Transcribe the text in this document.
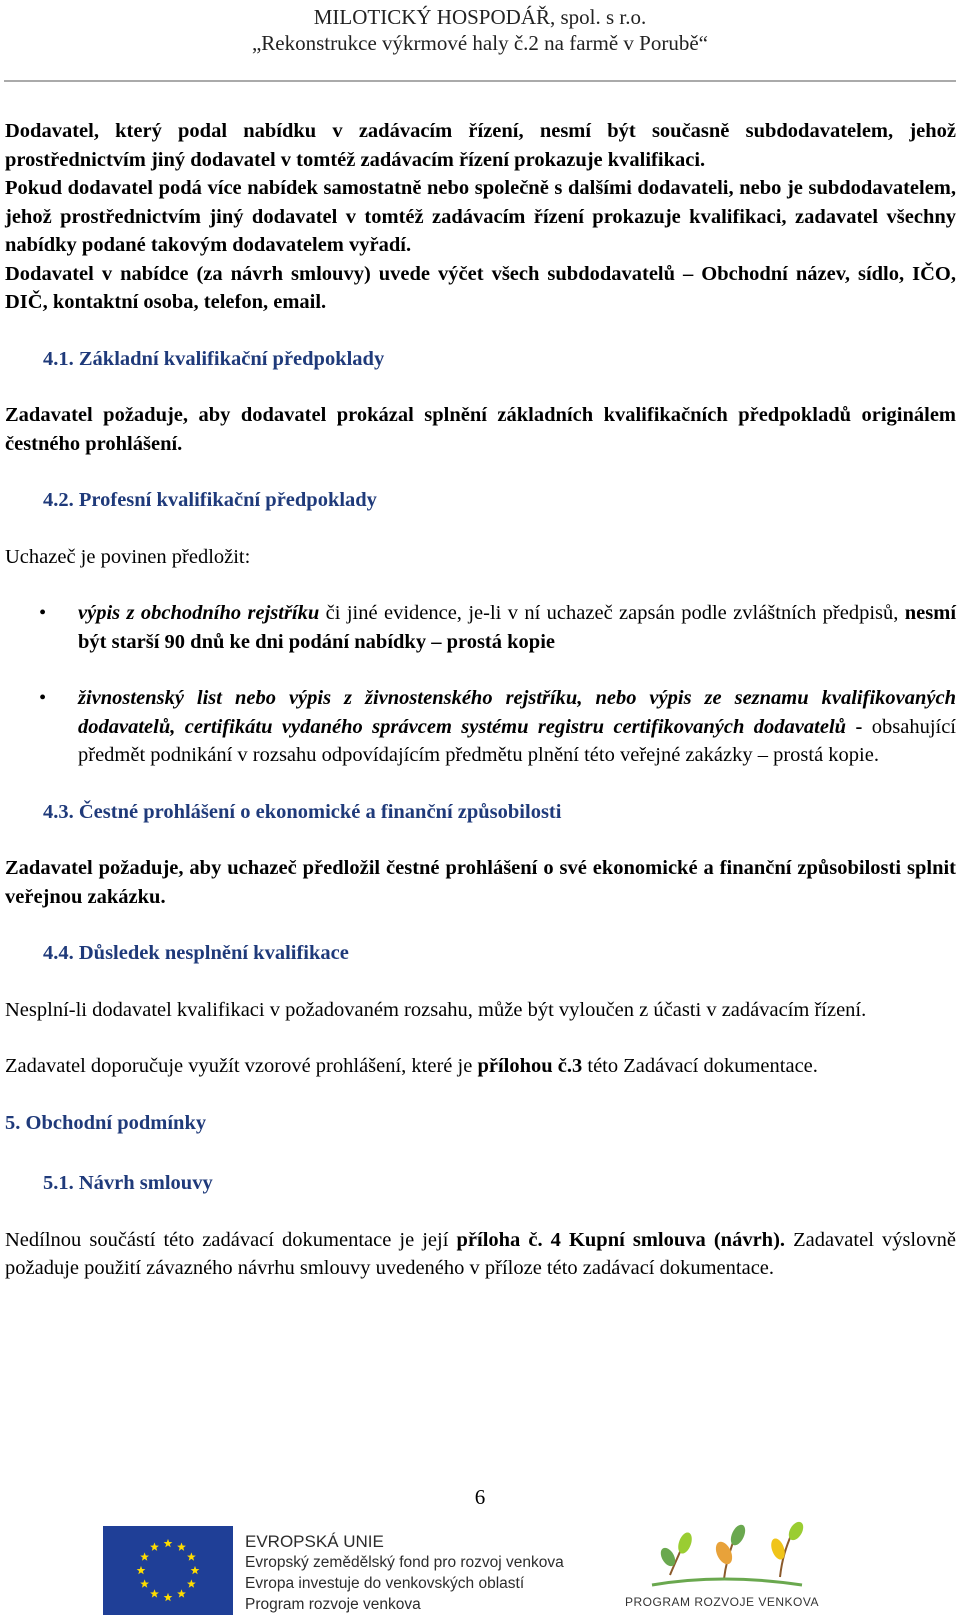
MILOTICKÝ HOSPODÁŘ, spol. s r.o.
„Rekonstrukce výkrmové haly č.2 na farmě v Porubě“

Dodavatel, který podal nabídku v zadávacím řízení, nesmí být současně subdodavatelem, jehož prostřednictvím jiný dodavatel v tomtéž zadávacím řízení prokazuje kvalifikaci.

Pokud dodavatel podá více nabídek samostatně nebo společně s dalšími dodavateli, nebo je subdodavatelem, jehož prostřednictvím jiný dodavatel v tomtéž zadávacím řízení prokazuje kvalifikaci, zadavatel všechny nabídky podané takovým dodavatelem vyřadí.

Dodavatel v nabídce (za návrh smlouvy) uvede výčet všech subdodavatelů – Obchodní název, sídlo, IČO, DIČ, kontaktní osoba, telefon, email.

4.1. Základní kvalifikační předpoklady

Zadavatel požaduje, aby dodavatel prokázal splnění základních kvalifikačních předpokladů originálem čestného prohlášení.

4.2. Profesní kvalifikační předpoklady

Uchazeč je povinen předložit:

• výpis z obchodního rejstříku či jiné evidence, je-li v ní uchazeč zapsán podle zvláštních předpisů, nesmí být starší 90 dnů ke dni podání nabídky – prostá kopie
• živnostenský list nebo výpis z živnostenského rejstříku, nebo výpis ze seznamu kvalifikovaných dodavatelů, certifikátu vydaného správcem systému registru certifikovaných dodavatelů - obsahující předmět podnikání v rozsahu odpovídajícím předmětu plnění této veřejné zakázky – prostá kopie.

4.3. Čestné prohlášení o ekonomické a finanční způsobilosti

Zadavatel požaduje, aby uchazeč předložil čestné prohlášení o své ekonomické a finanční způsobilosti splnit veřejnou zakázku.

4.4. Důsledek nesplnění kvalifikace

Nesplní-li dodavatel kvalifikaci v požadovaném rozsahu, může být vyloučen z účasti v zadávacím řízení.

Zadavatel doporučuje využít vzorové prohlášení, které je přílohou č.3 této Zadávací dokumentace.

5. Obchodní podmínky

5.1. Návrh smlouvy

Nedílnou součástí této zadávací dokumentace je její příloha č. 4 Kupní smlouva (návrh). Zadavatel výslovně požaduje použití závazného návrhu smlouvy uvedeného v příloze této zadávací dokumentace.

6
EVROPSKÁ UNIE
Evropský zemědělský fond pro rozvoj venkova
Evropa investuje do venkovských oblastí
Program rozvoje venkova	PROGRAM ROZVOJE VENKOVA
